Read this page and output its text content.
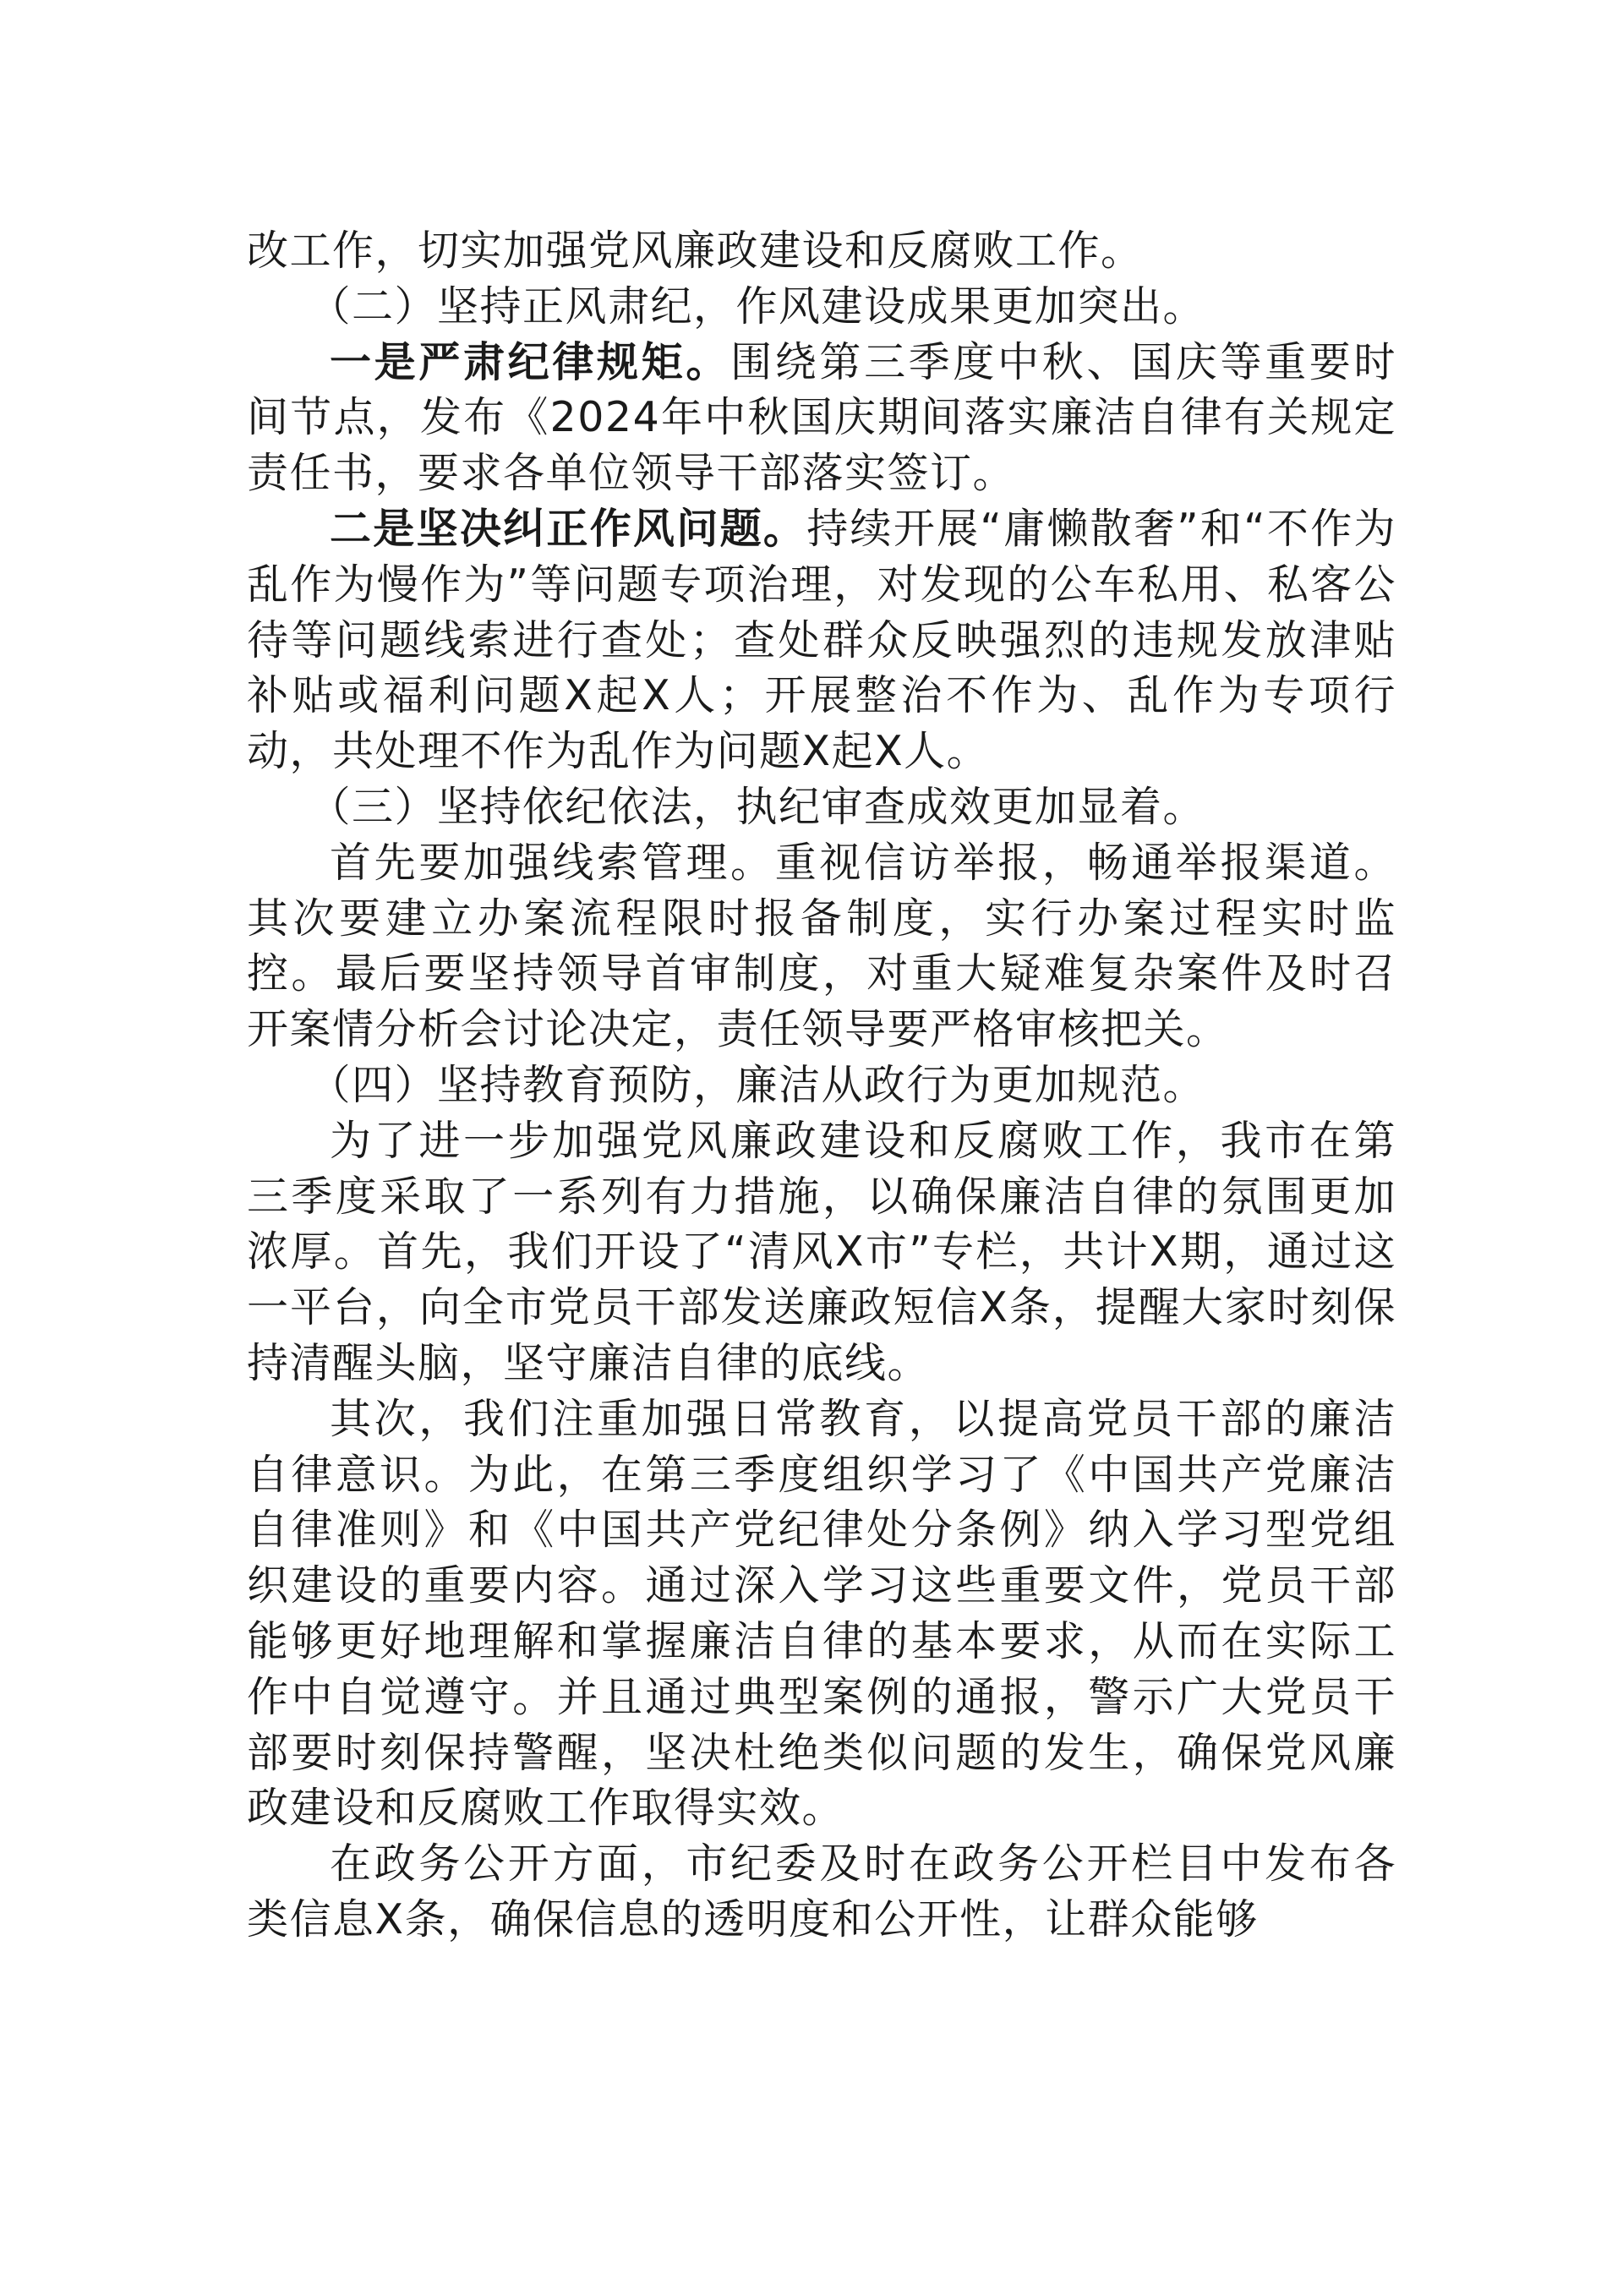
改工作，切实加强党风廉政建设和反腐败工作。

（二）坚持正风肃纪，作风建设成果更加突出。

一是严肃纪律规矩。围绕第三季度中秋、国庆等重要时间节点，发布《2024年中秋国庆期间落实廉洁自律有关规定责任书，要求各单位领导干部落实签订。

二是坚决纠正作风问题。持续开展“庸懒散奢”和“不作为乱作为慢作为”等问题专项治理，对发现的公车私用、私客公待等问题线索进行查处；查处群众反映强烈的违规发放津贴补贴或福利问题X起X人；开展整治不作为、乱作为专项行动，共处理不作为乱作为问题X起X人。

（三）坚持依纪依法，执纪审查成效更加显着。

首先要加强线索管理。重视信访举报，畅通举报渠道。其次要建立办案流程限时报备制度，实行办案过程实时监控。最后要坚持领导首审制度，对重大疑难复杂案件及时召开案情分析会讨论决定，责任领导要严格审核把关。

（四）坚持教育预防，廉洁从政行为更加规范。

为了进一步加强党风廉政建设和反腐败工作，我市在第三季度采取了一系列有力措施，以确保廉洁自律的氛围更加浓厚。首先，我们开设了“清风X市”专栏，共计X期，通过这一平台，向全市党员干部发送廉政短信X条，提醒大家时刻保持清醒头脑，坚守廉洁自律的底线。

其次，我们注重加强日常教育，以提高党员干部的廉洁自律意识。为此，在第三季度组织学习了《中国共产党廉洁自律准则》和《中国共产党纪律处分条例》纳入学习型党组织建设的重要内容。通过深入学习这些重要文件，党员干部能够更好地理解和掌握廉洁自律的基本要求，从而在实际工作中自觉遵守。并且通过典型案例的通报，警示广大党员干部要时刻保持警醒，坚决杜绝类似问题的发生，确保党风廉政建设和反腐败工作取得实效。

在政务公开方面，市纪委及时在政务公开栏目中发布各类信息X条，确保信息的透明度和公开性，让群众能够
